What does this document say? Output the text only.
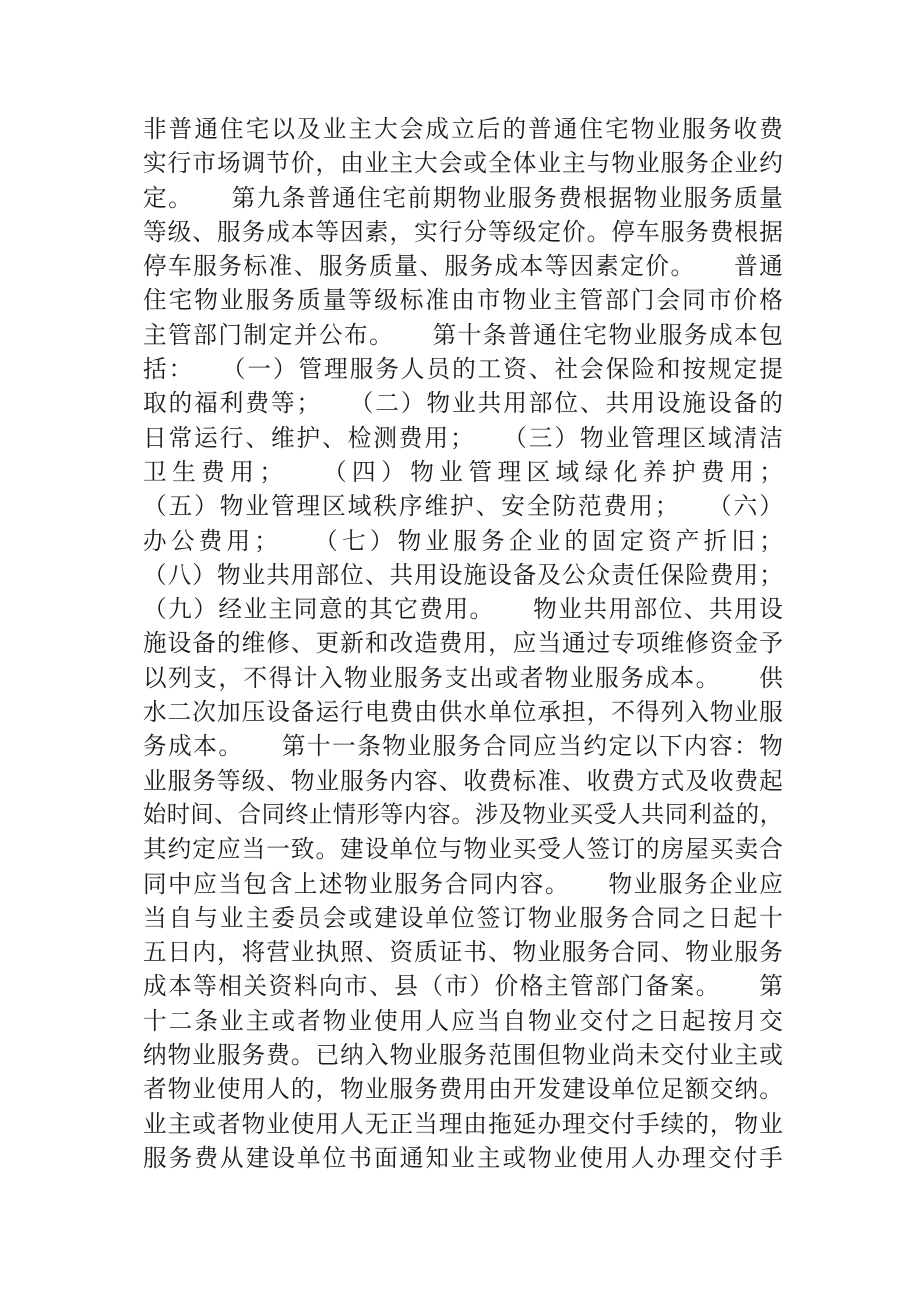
非普通住宅以及业主大会成立后的普通住宅物业服务收费
实行市场调节价，由业主大会或全体业主与物业服务企业约
定。　　第九条普通住宅前期物业服务费根据物业服务质量
等级、服务成本等因素，实行分等级定价。停车服务费根据
停车服务标准、服务质量、服务成本等因素定价。　　普通
住宅物业服务质量等级标准由市物业主管部门会同市价格
主管部门制定并公布。　　第十条普通住宅物业服务成本包
括：　　（一）管理服务人员的工资、社会保险和按规定提
取的福利费等；　　（二）物业共用部位、共用设施设备的
日常运行、维护、检测费用；　　（三）物业管理区域清洁
卫生费用；　　（四）物业管理区域绿化养护费用；
（五）物业管理区域秩序维护、安全防范费用；　　（六）
办公费用；　　（七）物业服务企业的固定资产折旧；
（八）物业共用部位、共用设施设备及公众责任保险费用；
（九）经业主同意的其它费用。　　物业共用部位、共用设
施设备的维修、更新和改造费用，应当通过专项维修资金予
以列支，不得计入物业服务支出或者物业服务成本。　　供
水二次加压设备运行电费由供水单位承担，不得列入物业服
务成本。　　第十一条物业服务合同应当约定以下内容：物
业服务等级、物业服务内容、收费标准、收费方式及收费起
始时间、合同终止情形等内容。涉及物业买受人共同利益的，
其约定应当一致。建设单位与物业买受人签订的房屋买卖合
同中应当包含上述物业服务合同内容。　　物业服务企业应
当自与业主委员会或建设单位签订物业服务合同之日起十
五日内，将营业执照、资质证书、物业服务合同、物业服务
成本等相关资料向市、县（市）价格主管部门备案。　　第
十二条业主或者物业使用人应当自物业交付之日起按月交
纳物业服务费。已纳入物业服务范围但物业尚未交付业主或
者物业使用人的，物业服务费用由开发建设单位足额交纳。
业主或者物业使用人无正当理由拖延办理交付手续的，物业
服务费从建设单位书面通知业主或物业使用人办理交付手
